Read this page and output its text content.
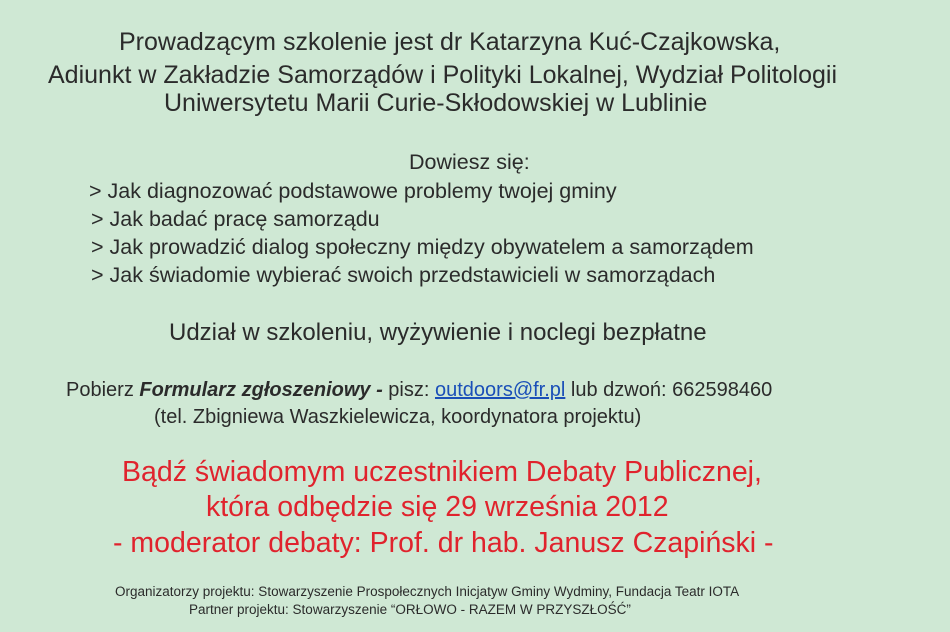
Prowadzącym szkolenie jest dr Katarzyna Kuć-Czajkowska,
Adiunkt w Zakładzie Samorządów i Polityki Lokalnej, Wydział Politologii
Uniwersytetu Marii Curie-Skłodowskiej w Lublinie
Dowiesz się:
> Jak diagnozować podstawowe problemy twojej gminy
> Jak badać pracę samorządu
> Jak prowadzić dialog społeczny między obywatelem a samorządem
> Jak świadomie wybierać swoich przedstawicieli w samorządach
Udział w szkoleniu, wyżywienie i noclegi bezpłatne
Pobierz Formularz zgłoszeniowy - pisz: outdoors@fr.pl lub dzwoń: 662598460
(tel. Zbigniewa Waszkielewicza, koordynatora projektu)
Bądź świadomym uczestnikiem Debaty Publicznej,
która odbędzie się 29 września 2012
- moderator debaty: Prof. dr hab. Janusz Czapiński -
Organizatorzy projektu: Stowarzyszenie Prospołecznych Inicjatyw Gminy Wydminy, Fundacja Teatr IOTA
Partner projektu: Stowarzyszenie “ORŁOWO - RAZEM W PRZYSZŁOŚĆ”
